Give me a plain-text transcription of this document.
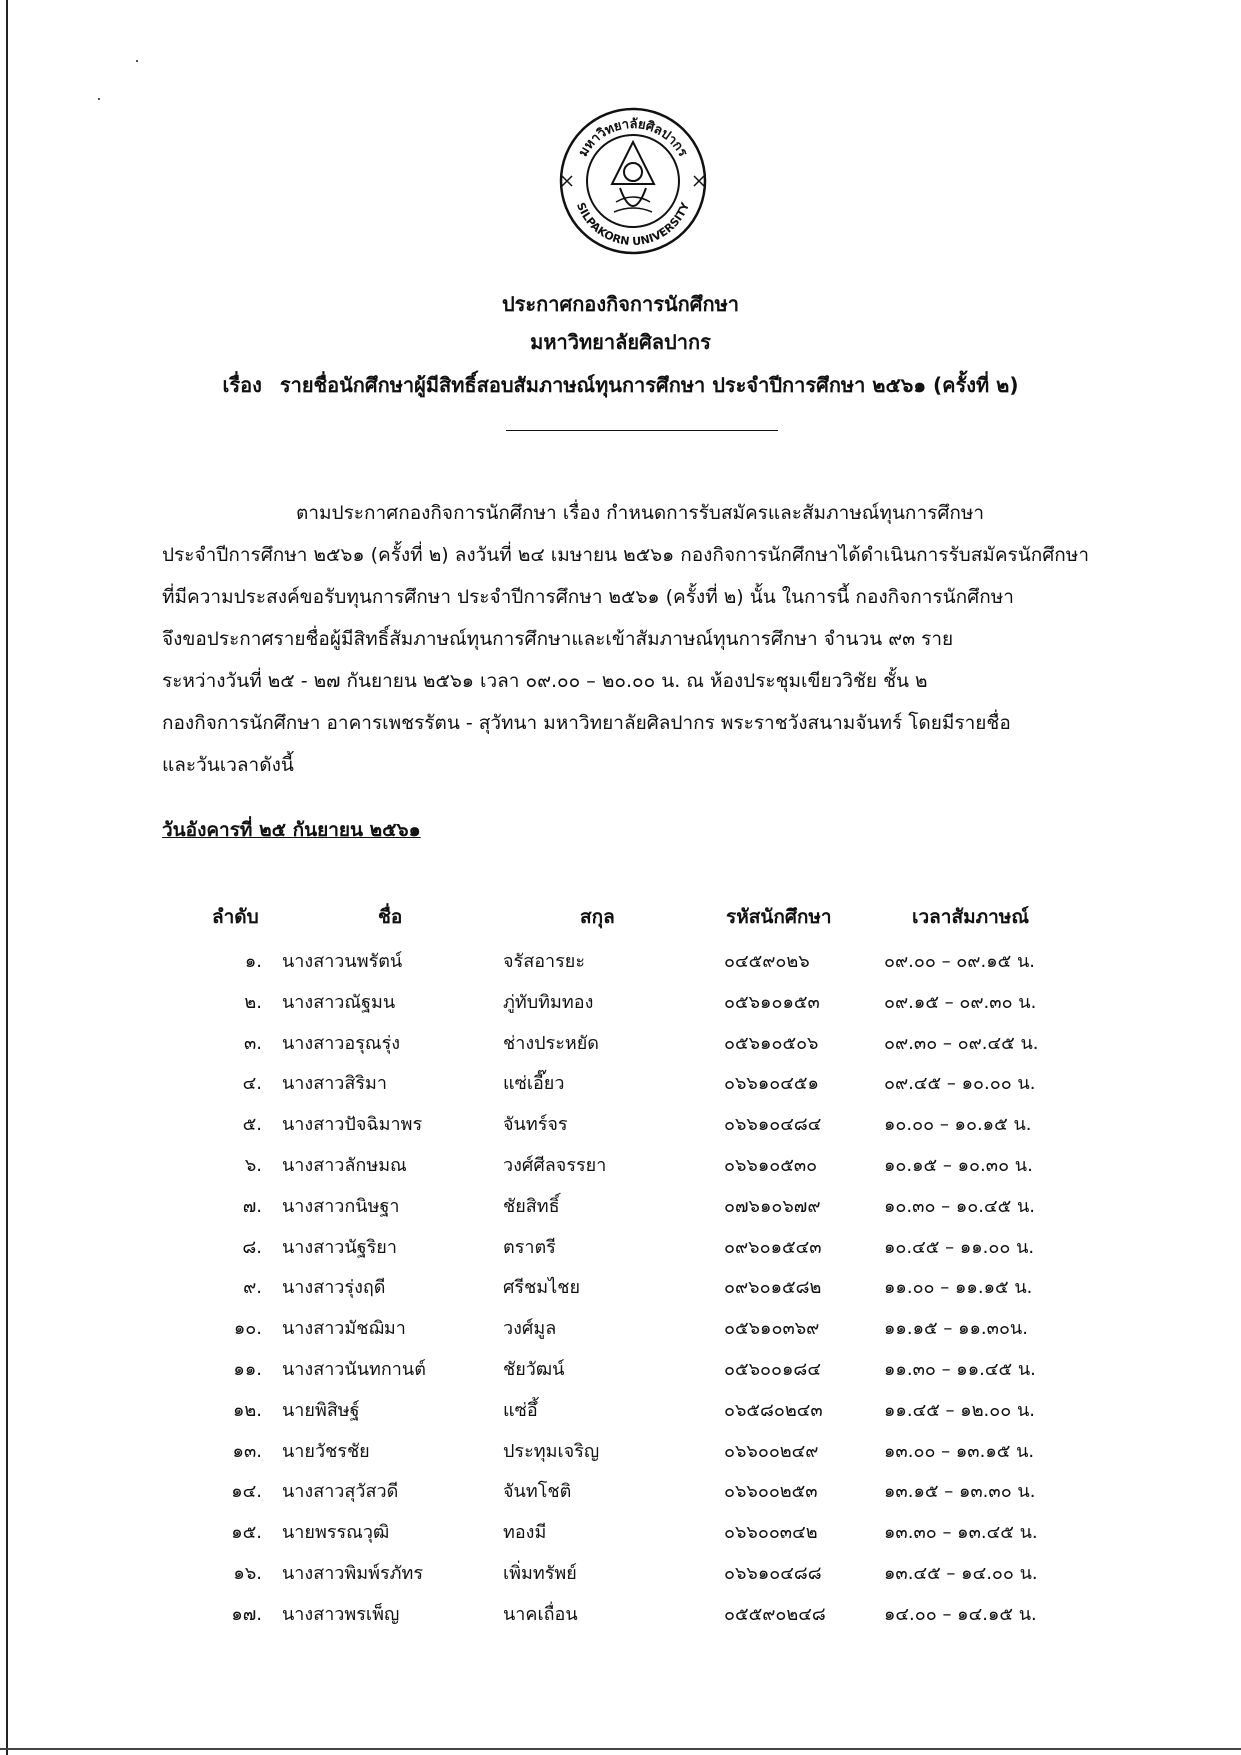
มหาวิทยาลัยศิลปากร
SILPAKORN UNIVERSITY
ประกาศกองกิจการนักศึกษา
มหาวิทยาลัยศิลปากร
เรื่อง รายชื่อนักศึกษาผู้มีสิทธิ์สอบสัมภาษณ์ทุนการศึกษา ประจำปีการศึกษา ๒๕๖๑ (ครั้งที่ ๒)
ตามประกาศกองกิจการนักศึกษา เรื่อง กำหนดการรับสมัครและสัมภาษณ์ทุนการศึกษา
ประจำปีการศึกษา ๒๕๖๑ (ครั้งที่ ๒) ลงวันที่ ๒๔ เมษายน ๒๕๖๑ กองกิจการนักศึกษาได้ดำเนินการรับสมัครนักศึกษา
ที่มีความประสงค์ขอรับทุนการศึกษา ประจำปีการศึกษา ๒๕๖๑ (ครั้งที่ ๒) นั้น ในการนี้ กองกิจการนักศึกษา
จึงขอประกาศรายชื่อผู้มีสิทธิ์สัมภาษณ์ทุนการศึกษาและเข้าสัมภาษณ์ทุนการศึกษา จำนวน ๙๓ ราย
ระหว่างวันที่ ๒๕ - ๒๗ กันยายน ๒๕๖๑ เวลา ๐๙.๐๐ – ๒๐.๐๐ น. ณ ห้องประชุมเขียววิชัย ชั้น ๒
กองกิจการนักศึกษา อาคารเพชรรัตน - สุวัทนา มหาวิทยาลัยศิลปากร พระราชวังสนามจันทร์ โดยมีรายชื่อ
และวันเวลาดังนี้
วันอังคารที่ ๒๕ กันยายน ๒๕๖๑
ลำดับ	ชื่อ	สกุล	รหัสนักศึกษา	เวลาสัมภาษณ์
๑. นางสาวนพรัตน์	จรัสอารยะ	๐๔๕๙๐๒๖	๐๙.๐๐ – ๐๙.๑๕ น.
๒. นางสาวณัฐมน	ภู่ทับทิมทอง	๐๕๖๑๐๑๕๓	๐๙.๑๕ – ๐๙.๓๐ น.
๓. นางสาวอรุณรุ่ง	ช่างประหยัด	๐๕๖๑๐๕๐๖	๐๙.๓๐ – ๐๙.๔๕ น.
๔. นางสาวสิริมา	แซ่เอี๊ยว	๐๖๖๑๐๔๕๑	๐๙.๔๕ – ๑๐.๐๐ น.
๕. นางสาวปัจฉิมาพร	จันทร์จร	๐๖๖๑๐๔๘๔	๑๐.๐๐ – ๑๐.๑๕ น.
๖. นางสาวลักษมณ	วงศ์ศีลจรรยา	๐๖๖๑๐๕๓๐	๑๐.๑๕ – ๑๐.๓๐ น.
๗. นางสาวกนิษฐา	ชัยสิทธิ์	๐๗๖๑๐๖๗๙	๑๐.๓๐ – ๑๐.๔๕ น.
๘. นางสาวนัฐริยา	ตราตรี	๐๙๖๐๑๕๔๓	๑๐.๔๕ – ๑๑.๐๐ น.
๙. นางสาวรุ่งฤดี	ศรีชมไชย	๐๙๖๐๑๕๘๒	๑๑.๐๐ – ๑๑.๑๕ น.
๑๐. นางสาวมัชฌิมา	วงศ์มูล	๐๕๖๑๐๓๖๙	๑๑.๑๕ – ๑๑.๓๐น.
๑๑. นางสาวนันทกานต์	ชัยวัฒน์	๐๕๖๐๐๑๘๔	๑๑.๓๐ – ๑๑.๔๕ น.
๑๒. นายพิสิษฐ์	แซ่อึ้	๐๖๕๘๐๒๔๓	๑๑.๔๕ – ๑๒.๐๐ น.
๑๓. นายวัชรชัย	ประทุมเจริญ	๐๖๖๐๐๒๔๙	๑๓.๐๐ – ๑๓.๑๕ น.
๑๔. นางสาวสุวัสวดี	จันทโชติ	๐๖๖๐๐๒๕๓	๑๓.๑๕ – ๑๓.๓๐ น.
๑๕. นายพรรณวุฒิ	ทองมี	๐๖๖๐๐๓๔๒	๑๓.๓๐ – ๑๓.๔๕ น.
๑๖. นางสาวพิมพ์รภัทร	เพิ่มทรัพย์	๐๖๖๑๐๔๘๘	๑๓.๔๕ – ๑๔.๐๐ น.
๑๗. นางสาวพรเพ็ญ	นาคเถื่อน	๐๕๕๙๐๒๔๘	๑๔.๐๐ – ๑๔.๑๕ น.
